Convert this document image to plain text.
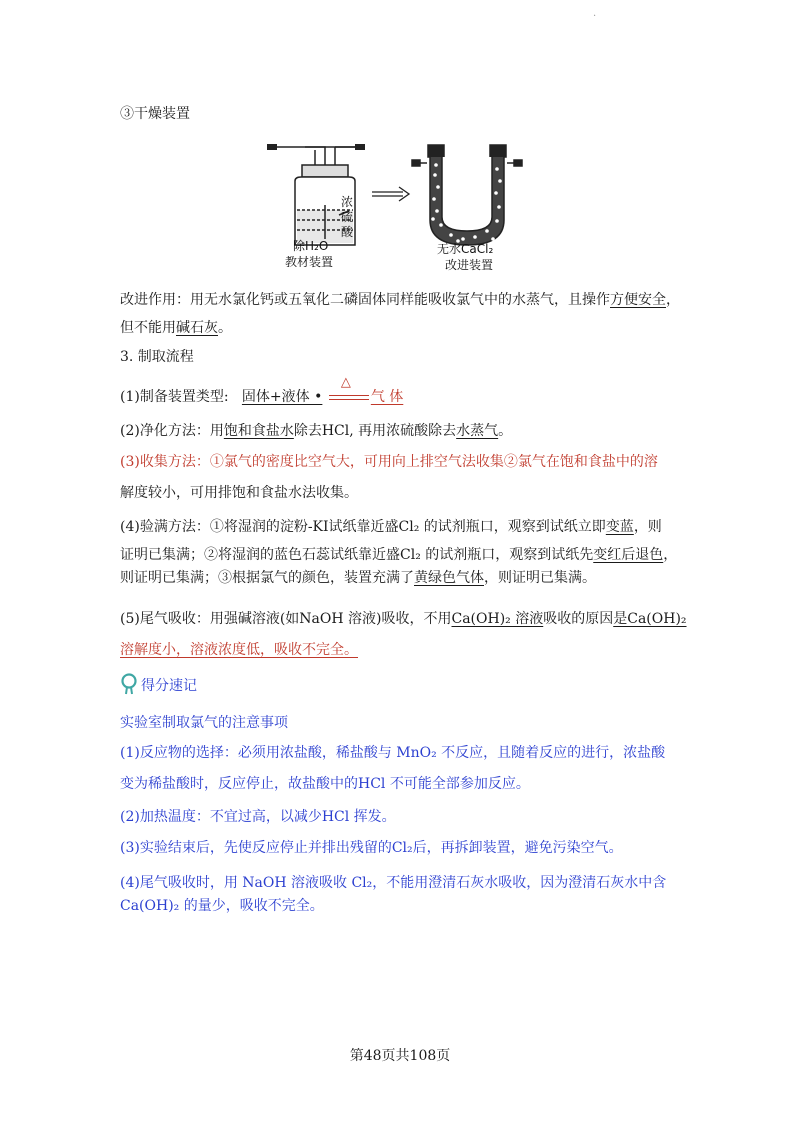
.
③干燥装置
浓
硫
酸
除H₂O
教材装置
无水CaCl₂
改进装置
改进作用：用无水氯化钙或五氧化二磷固体同样能吸收氯气中的水蒸气，且操作方便安全，
但不能用碱石灰。
3. 制取流程
(1)制备装置类型: 固体+液体 •
△
气 体
(2)净化方法：用饱和食盐水除去HCl, 再用浓硫酸除去水蒸气。
(3)收集方法：①氯气的密度比空气大，可用向上排空气法收集②氯气在饱和食盐中的溶
解度较小，可用排饱和食盐水法收集。
(4)验满方法：①将湿润的淀粉-KI试纸靠近盛Cl₂ 的试剂瓶口，观察到试纸立即变蓝，则
证明已集满；②将湿润的蓝色石蕊试纸靠近盛Cl₂ 的试剂瓶口，观察到试纸先变红后退色，
则证明已集满；③根据氯气的颜色，装置充满了黄绿色气体，则证明已集满。
(5)尾气吸收：用强碱溶液(如NaOH 溶液)吸收，不用Ca(OH)₂ 溶液吸收的原因是Ca(OH)₂
溶解度小，溶液浓度低，吸收不完全。
得分速记
实验室制取氯气的注意事项
(1)反应物的选择：必须用浓盐酸，稀盐酸与 MnO₂ 不反应，且随着反应的进行，浓盐酸
变为稀盐酸时，反应停止，故盐酸中的HCl 不可能全部参加反应。
(2)加热温度：不宜过高，以减少HCl 挥发。
(3)实验结束后，先使反应停止并排出残留的Cl₂后，再拆卸装置，避免污染空气。
(4)尾气吸收时，用 NaOH 溶液吸收 Cl₂，不能用澄清石灰水吸收，因为澄清石灰水中含
Ca(OH)₂ 的量少，吸收不完全。
第48页共108页
